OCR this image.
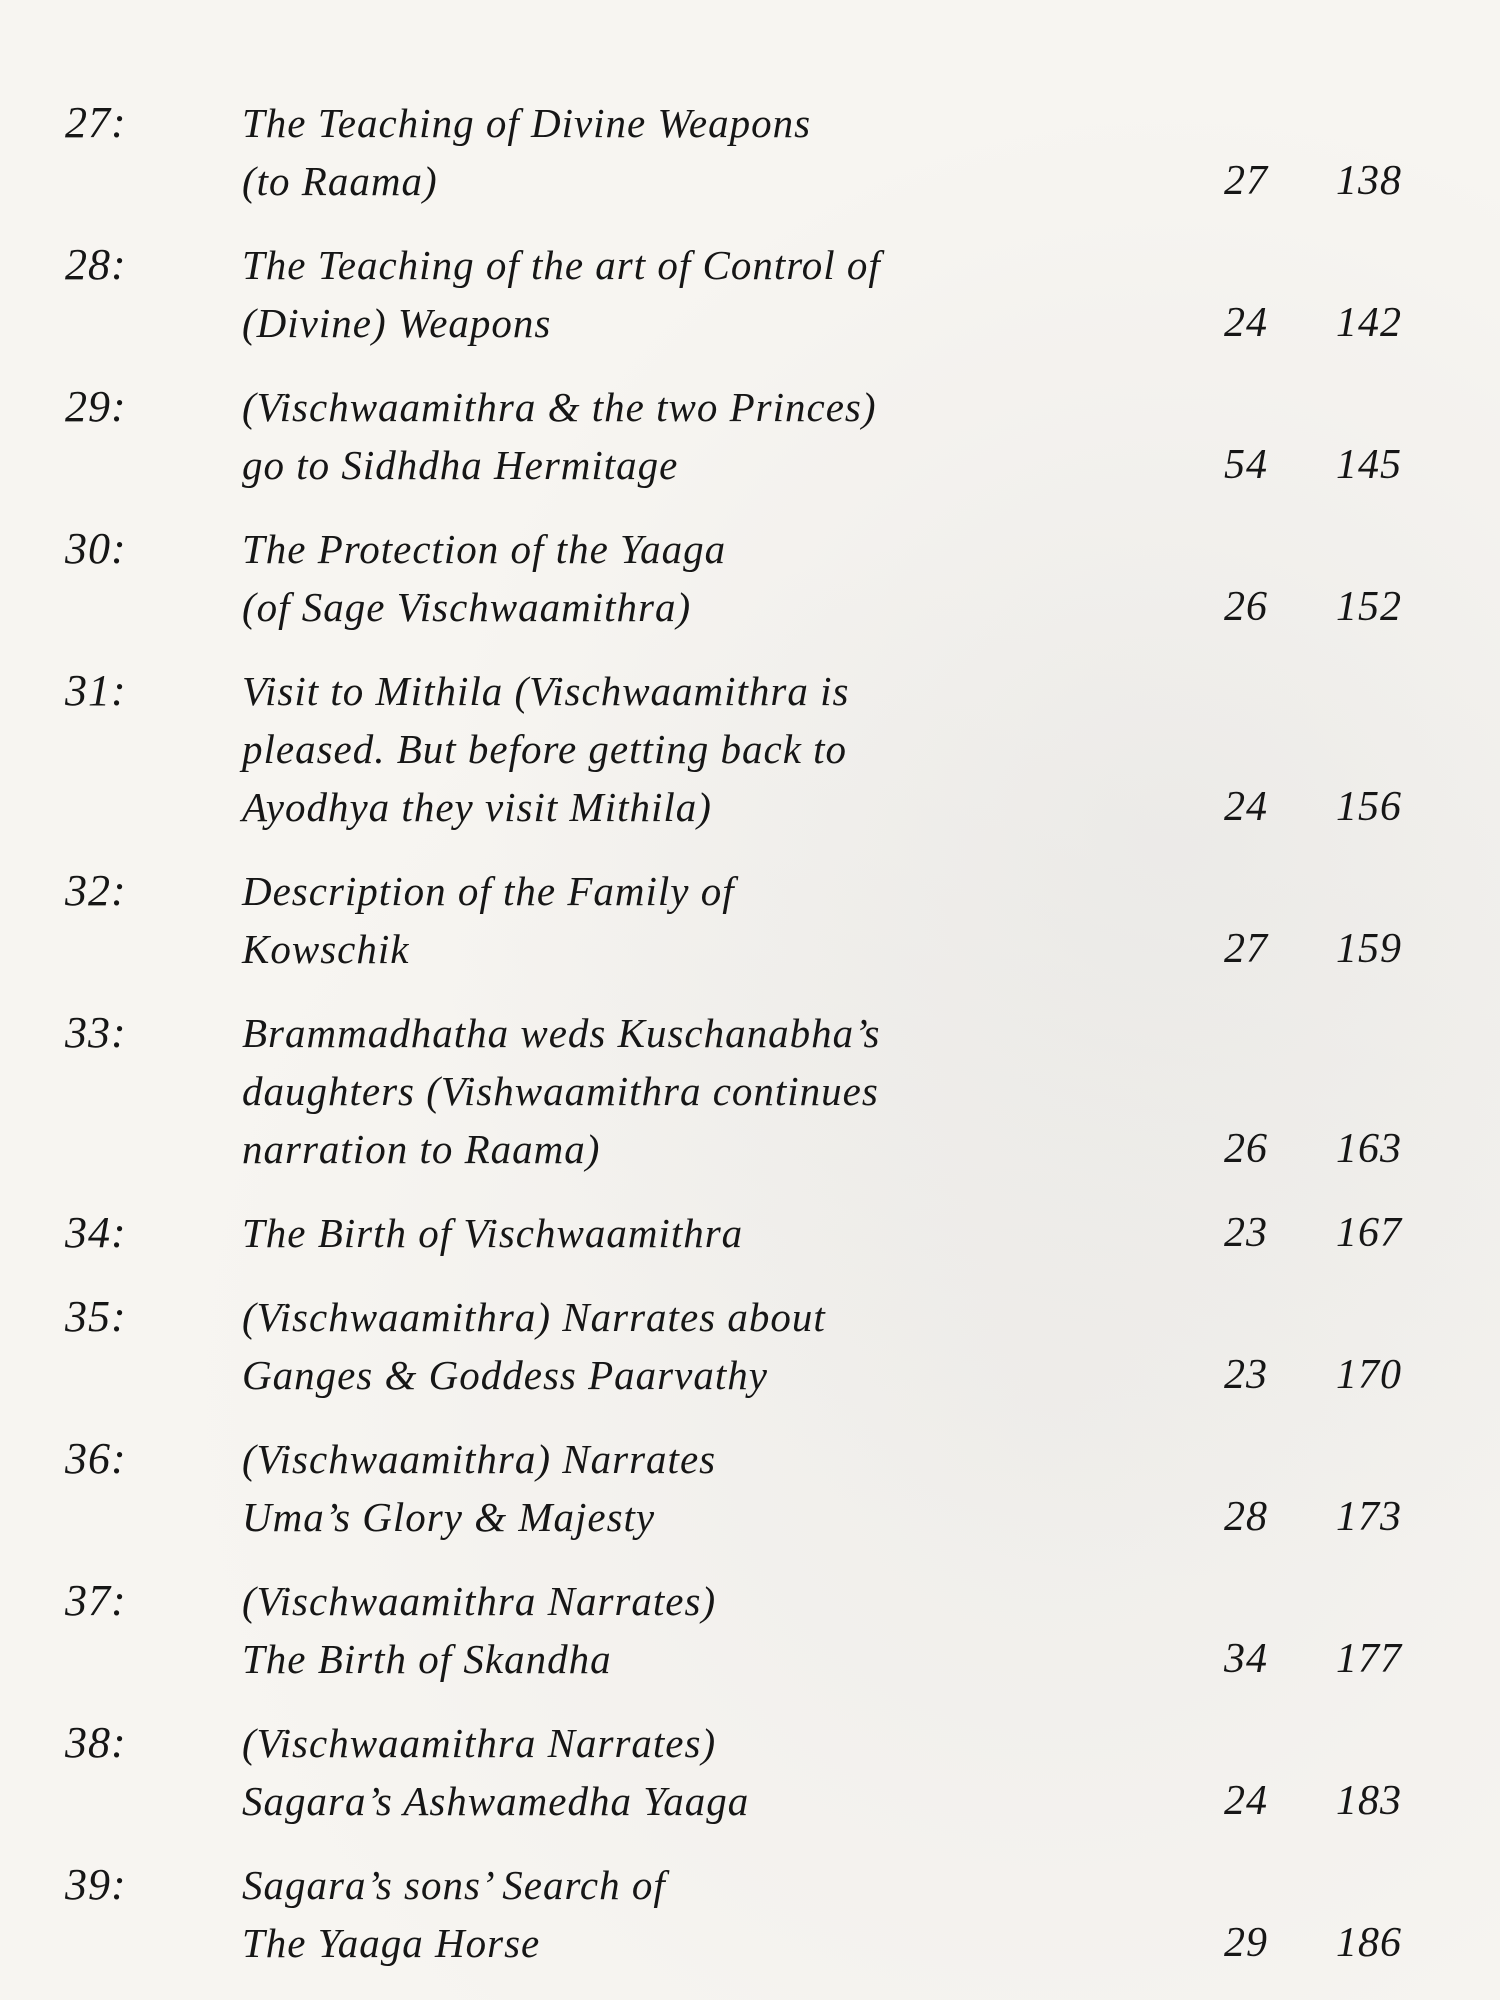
27:	The Teaching of Divine Weapons
(to Raama)	27	138
28:	The Teaching of the art of Control of
(Divine) Weapons	24	142
29:	(Vischwaamithra & the two Princes)
go to Sidhdha Hermitage	54	145
30:	The Protection of the Yaaga
(of Sage Vischwaamithra)	26	152
31:	Visit to Mithila (Vischwaamithra is
pleased. But before getting back to
Ayodhya they visit Mithila)	24	156
32:	Description of the Family of
Kowschik	27	159
33:	Brammadhatha weds Kuschanabha’s
daughters (Vishwaamithra continues
narration to Raama)	26	163
34:	The Birth of Vischwaamithra	23	167
35:	(Vischwaamithra) Narrates about
Ganges & Goddess Paarvathy	23	170
36:	(Vischwaamithra) Narrates
Uma’s Glory & Majesty	28	173
37:	(Vischwaamithra Narrates)
The Birth of Skandha	34	177
38:	(Vischwaamithra Narrates)
Sagara’s Ashwamedha Yaaga	24	183
39:	Sagara’s sons’ Search of
The Yaaga Horse	29	186
